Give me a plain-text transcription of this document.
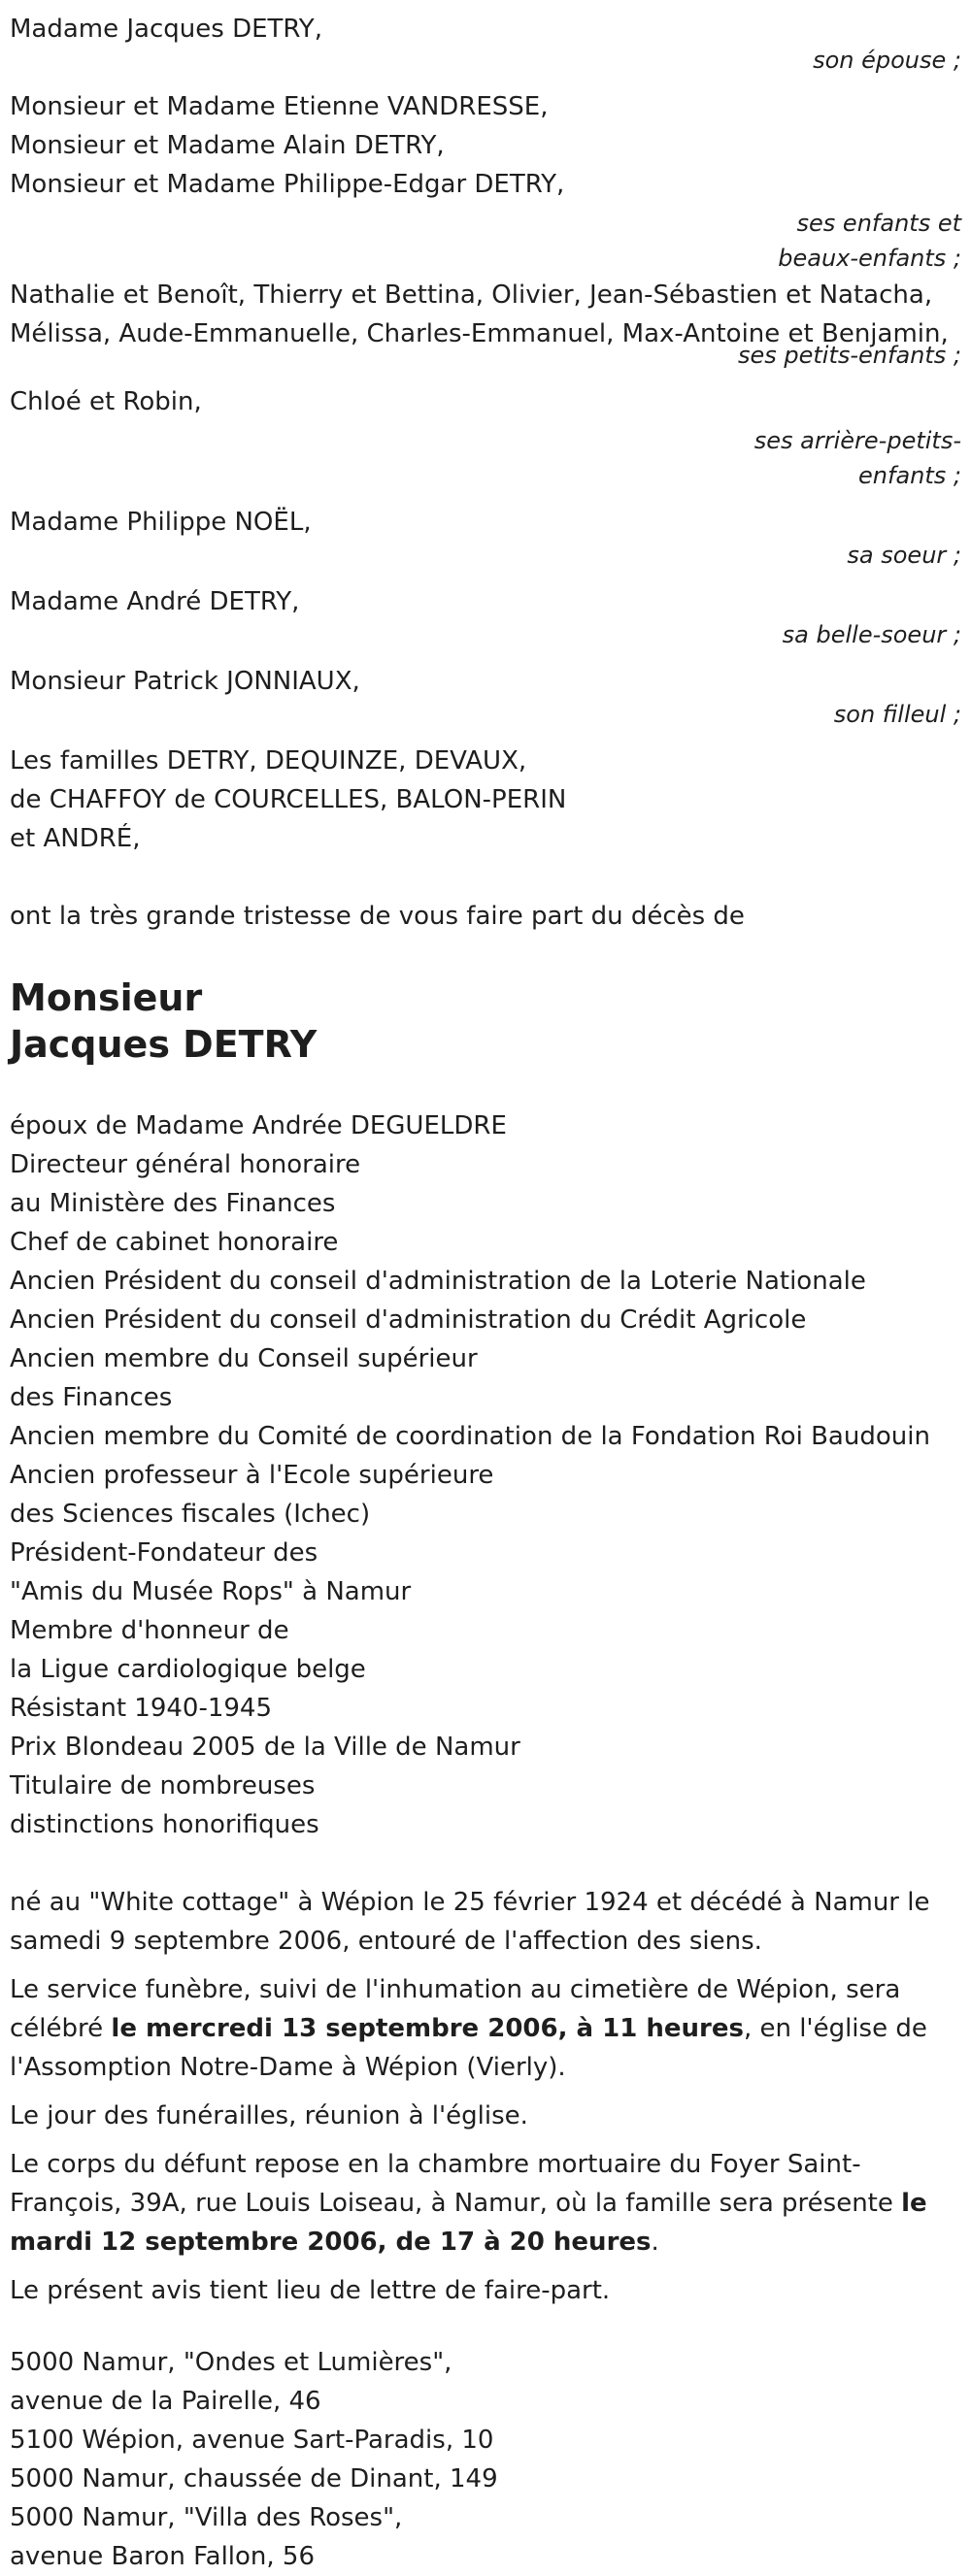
Madame Jacques DETRY,
son épouse ;
Monsieur et Madame Etienne VANDRESSE,
Monsieur et Madame Alain DETRY,
Monsieur et Madame Philippe-Edgar DETRY,
ses enfants et
beaux-enfants ;
Nathalie et Benoît, Thierry et Bettina, Olivier, Jean-Sébastien et Natacha,
Mélissa, Aude-Emmanuelle, Charles-Emmanuel, Max-Antoine et Benjamin,
ses petits-enfants ;
Chloé et Robin,
ses arrière-petits-
enfants ;
Madame Philippe NOËL,
sa soeur ;
Madame André DETRY,
sa belle-soeur ;
Monsieur Patrick JONNIAUX,
son filleul ;
Les familles DETRY, DEQUINZE, DEVAUX,
de CHAFFOY de COURCELLES, BALON-PERIN
et ANDRÉ,
ont la très grande tristesse de vous faire part du décès de
Monsieur
Jacques DETRY
époux de Madame Andrée DEGUELDRE
Directeur général honoraire
au Ministère des Finances
Chef de cabinet honoraire
Ancien Président du conseil d'administration de la Loterie Nationale
Ancien Président du conseil d'administration du Crédit Agricole
Ancien membre du Conseil supérieur
des Finances
Ancien membre du Comité de coordination de la Fondation Roi Baudouin
Ancien professeur à l'Ecole supérieure
des Sciences fiscales (Ichec)
Président-Fondateur des
"Amis du Musée Rops" à Namur
Membre d'honneur de
la Ligue cardiologique belge
Résistant 1940-1945
Prix Blondeau 2005 de la Ville de Namur
Titulaire de nombreuses
distinctions honorifiques

né au "White cottage" à Wépion le 25 février 1924 et décédé à Namur le samedi 9 septembre 2006, entouré de l'affection des siens.

Le service funèbre, suivi de l'inhumation au cimetière de Wépion, sera célébré le mercredi 13 septembre 2006, à 11 heures, en l'église de l'Assomption Notre-Dame à Wépion (Vierly).

Le jour des funérailles, réunion à l'église.

Le corps du défunt repose en la chambre mortuaire du Foyer Saint-François, 39A, rue Louis Loiseau, à Namur, où la famille sera présente le mardi 12 septembre 2006, de 17 à 20 heures.

Le présent avis tient lieu de lettre de faire-part.

5000 Namur, "Ondes et Lumières",
avenue de la Pairelle, 46
5100 Wépion, avenue Sart-Paradis, 10
5000 Namur, chaussée de Dinant, 149
5000 Namur, "Villa des Roses",
avenue Baron Fallon, 56
